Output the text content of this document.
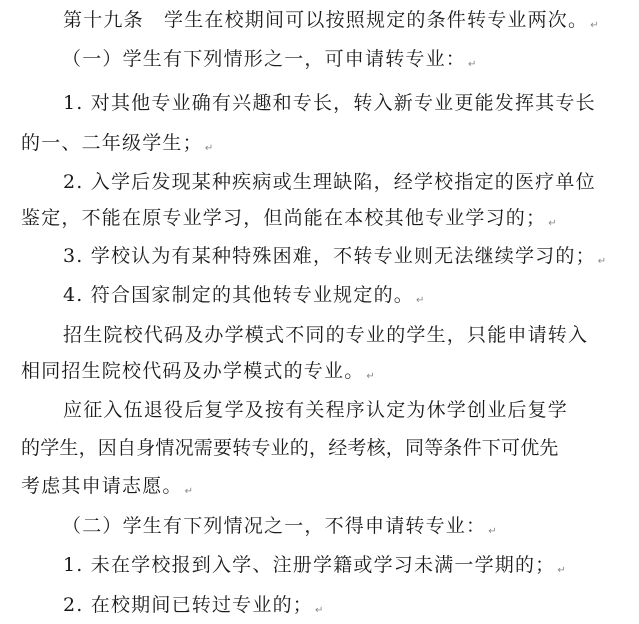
第十九条　学生在校期间可以按照规定的条件转专业两次。 ↵
（一）学生有下列情形之一，可申请转专业： ↵
1. 对其他专业确有兴趣和专长，转入新专业更能发挥其专长
的一、二年级学生； ↵
2. 入学后发现某种疾病或生理缺陷，经学校指定的医疗单位
鉴定，不能在原专业学习，但尚能在本校其他专业学习的； ↵
3. 学校认为有某种特殊困难，不转专业则无法继续学习的； ↵
4. 符合国家制定的其他转专业规定的。 ↵
招生院校代码及办学模式不同的专业的学生，只能申请转入
相同招生院校代码及办学模式的专业。 ↵
应征入伍退役后复学及按有关程序认定为休学创业后复学
的学生，因自身情况需要转专业的，经考核，同等条件下可优先
考虑其申请志愿。 ↵
（二）学生有下列情况之一，不得申请转专业： ↵
1. 未在学校报到入学、注册学籍或学习未满一学期的； ↵
2. 在校期间已转过专业的； ↵
